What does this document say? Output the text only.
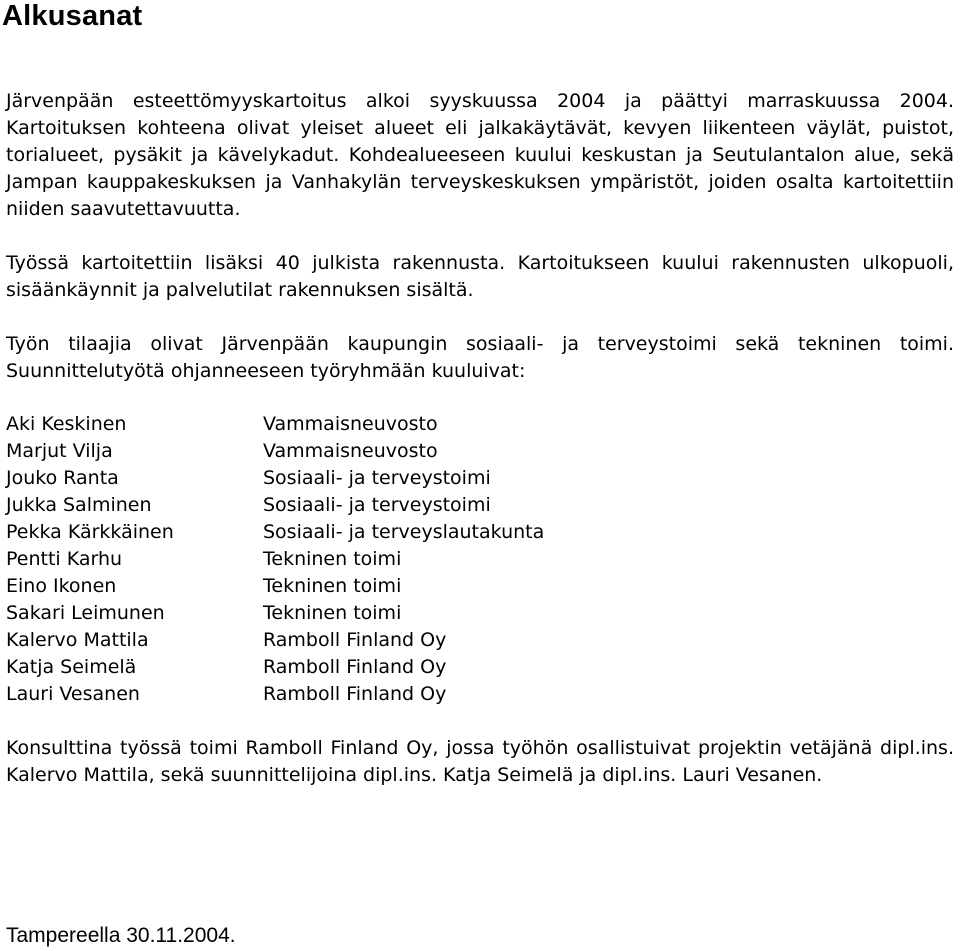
Alkusanat

Järvenpään esteettömyyskartoitus alkoi syyskuussa 2004 ja päättyi marraskuussa 2004. Kartoituksen kohteena olivat yleiset alueet eli jalkakäytävät, kevyen liikenteen väylät, puistot, torialueet, pysäkit ja kävelykadut. Kohdealueeseen kuului keskustan ja Seutulantalon alue, sekä Jampan kauppakeskuksen ja Vanhakylän terveyskeskuksen ympäristöt, joiden osalta kartoitettiin niiden saavutettavuutta.

Työssä kartoitettiin lisäksi 40 julkista rakennusta. Kartoitukseen kuului rakennusten ulkopuoli, sisäänkäynnit ja palvelutilat rakennuksen sisältä.

Työn tilaajia olivat Järvenpään kaupungin sosiaali- ja terveystoimi sekä tekninen toimi. Suunnittelutyötä ohjanneeseen työryhmään kuuluivat:

Aki Keskinen	Vammaisneuvosto
Marjut Vilja	Vammaisneuvosto
Jouko Ranta	Sosiaali- ja terveystoimi
Jukka Salminen	Sosiaali- ja terveystoimi
Pekka Kärkkäinen	Sosiaali- ja terveyslautakunta
Pentti Karhu	Tekninen toimi
Eino Ikonen	Tekninen toimi
Sakari Leimunen	Tekninen toimi
Kalervo Mattila	Ramboll Finland Oy
Katja Seimelä	Ramboll Finland Oy
Lauri Vesanen	Ramboll Finland Oy

Konsulttina työssä toimi Ramboll Finland Oy, jossa työhön osallistuivat projektin vetäjänä dipl.ins. Kalervo Mattila, sekä suunnittelijoina dipl.ins. Katja Seimelä ja dipl.ins. Lauri Vesanen.

Tampereella 30.11.2004.
